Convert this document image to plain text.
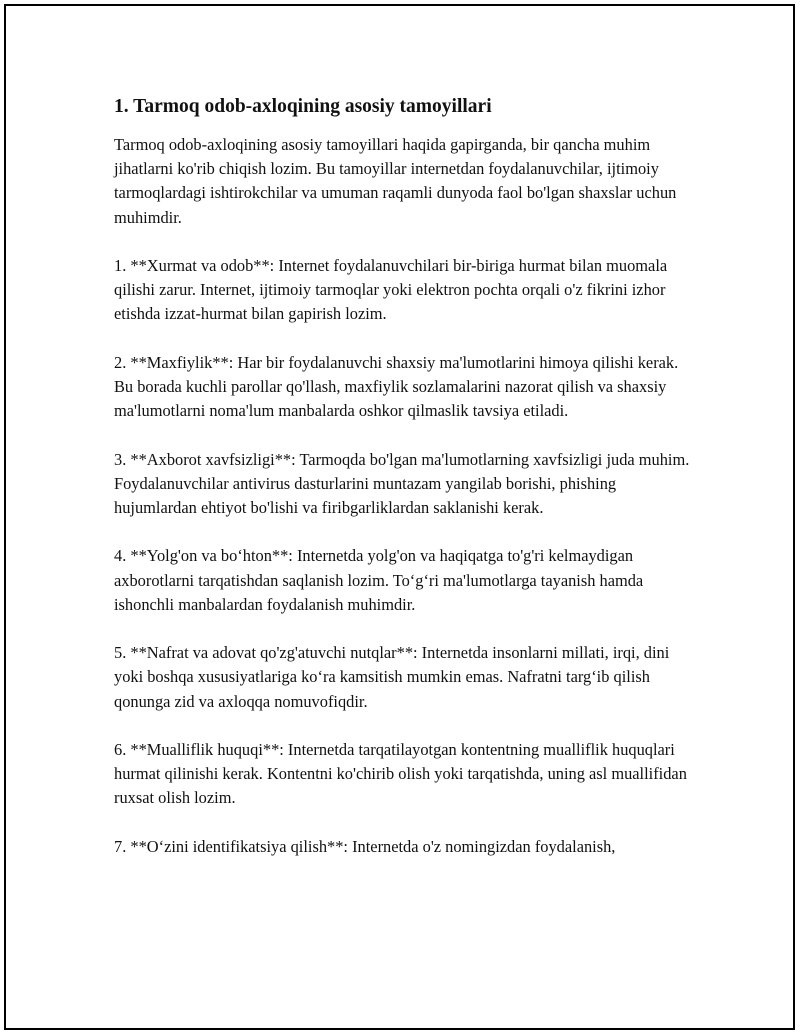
1. Tarmoq odob-axloqining asosiy tamoyillari

Tarmoq odob-axloqining asosiy tamoyillari haqida gapirganda, bir qancha muhim jihatlarni ko'rib chiqish lozim. Bu tamoyillar internetdan foydalanuvchilar, ijtimoiy tarmoqlardagi ishtirokchilar va umuman raqamli dunyoda faol bo'lgan shaxslar uchun muhimdir.

1. **Xurmat va odob**: Internet foydalanuvchilari bir-biriga hurmat bilan muomala qilishi zarur. Internet, ijtimoiy tarmoqlar yoki elektron pochta orqali o'z fikrini izhor etishda izzat-hurmat bilan gapirish lozim.

2. **Maxfiylik**: Har bir foydalanuvchi shaxsiy ma'lumotlarini himoya qilishi kerak. Bu borada kuchli parollar qo'llash, maxfiylik sozlamalarini nazorat qilish va shaxsiy ma'lumotlarni noma'lum manbalarda oshkor qilmaslik tavsiya etiladi.

3. **Axborot xavfsizligi**: Tarmoqda bo'lgan ma'lumotlarning xavfsizligi juda muhim. Foydalanuvchilar antivirus dasturlarini muntazam yangilab borishi, phishing hujumlardan ehtiyot bo'lishi va firibgarliklardan saklanishi kerak.

4. **Yolg'on va bo‘hton**: Internetda yolg'on va haqiqatga to'g'ri kelmaydigan axborotlarni tarqatishdan saqlanish lozim. To‘g‘ri ma'lumotlarga tayanish hamda ishonchli manbalardan foydalanish muhimdir.

5. **Nafrat va adovat qo'zg'atuvchi nutqlar**: Internetda insonlarni millati, irqi, dini yoki boshqa xususiyatlariga ko‘ra kamsitish mumkin emas. Nafratni targ‘ib qilish qonunga zid va axloqqa nomuvofiqdir.

6. **Mualliflik huquqi**: Internetda tarqatilayotgan kontentning mualliflik huquqlari hurmat qilinishi kerak. Kontentni ko'chirib olish yoki tarqatishda, uning asl muallifidan ruxsat olish lozim.

7. **O‘zini identifikatsiya qilish**: Internetda o'z nomingizdan foydalanish,
